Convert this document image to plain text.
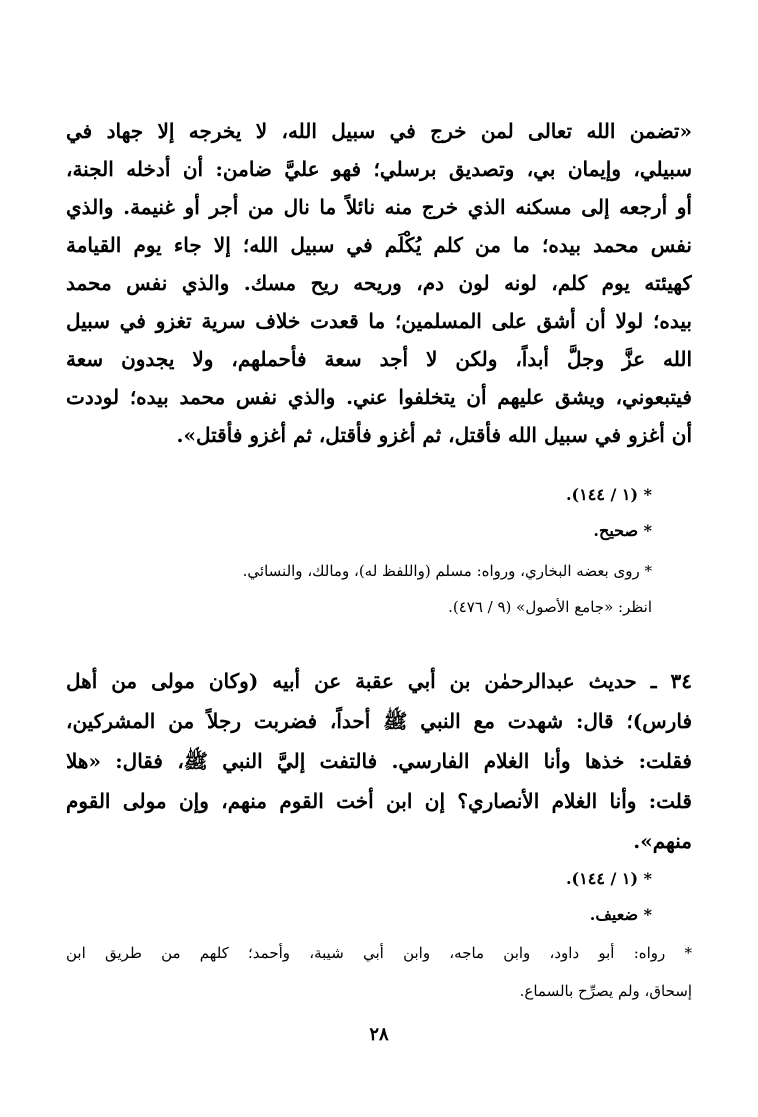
«تضمن الله تعالى لمن خرج في سبيل الله، لا يخرجه إلا جهاد في
سبيلي، وإيمان بي، وتصديق برسلي؛ فهو عليَّ ضامن: أن أدخله الجنة،
أو أرجعه إلى مسكنه الذي خرج منه نائلاً ما نال من أجر أو غنيمة. والذي
نفس محمد بيده؛ ما من كلم يُكْلَم في سبيل الله؛ إلا جاء يوم القيامة
كهيئته يوم كلم، لونه لون دم، وريحه ريح مسك. والذي نفس محمد
بيده؛ لولا أن أشق على المسلمين؛ ما قعدت خلاف سرية تغزو في سبيل
الله عزَّ وجلَّ أبداً، ولكن لا أجد سعة فأحملهم، ولا يجدون سعة
فيتبعوني، ويشق عليهم أن يتخلفوا عني. والذي نفس محمد بيده؛ لوددت
أن أغزو في سبيل الله فأقتل، ثم أغزو فأقتل، ثم أغزو فأقتل».
* (١ / ١٤٤).
* صحيح.
* روى بعضه البخاري، ورواه: مسلم (واللفظ له)، ومالك، والنسائي.
انظر: «جامع الأصول» (٩ / ٤٧٦).
٣٤ ـ حديث عبدالرحمٰن بن أبي عقبة عن أبيه (وكان مولى من أهل
فارس)؛ قال: شهدت مع النبي ﷺ أحداً، فضربت رجلاً من المشركين،
فقلت: خذها وأنا الغلام الفارسي. فالتفت إليَّ النبي ﷺ، فقال: «هلا
قلت: وأنا الغلام الأنصاري؟ إن ابن أخت القوم منهم، وإن مولى القوم
منهم».
* (١ / ١٤٤).
* ضعيف.
* رواه: أبو داود، وابن ماجه، وابن أبي شيبة، وأحمد؛ كلهم من طريق ابن
إسحاق، ولم يصرِّح بالسماع.
٢٨
